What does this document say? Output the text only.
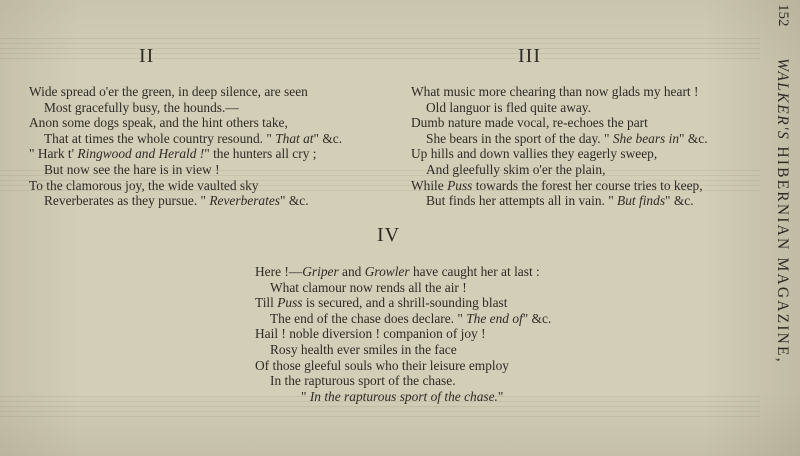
II	III
IV
Wide spread o'er the green, in deep silence, are seen
Most gracefully busy, the hounds.—
Anon some dogs speak, and the hint others take,
That at times the whole country resound. " That at" &c.
" Hark t' Ringwood and Herald !" the hunters all cry ;
But now see the hare is in view !
To the clamorous joy, the wide vaulted sky
Reverberates as they pursue. " Reverberates" &c.
What music more chearing than now glads my heart !
Old languor is fled quite away.
Dumb nature made vocal, re-echoes the part
She bears in the sport of the day. " She bears in" &c.
Up hills and down vallies they eagerly sweep,
And gleefully skim o'er the plain,
While Puss towards the forest her course tries to keep,
But finds her attempts all in vain. " But finds" &c.
Here !—Griper and Growler have caught her at last :
What clamour now rends all the air !
Till Puss is secured, and a shrill-sounding blast
The end of the chase does declare. " The end of" &c.
Hail ! noble diversion ! companion of joy !
Rosy health ever smiles in the face
Of those gleeful souls who their leisure employ
In the rapturous sport of the chase.
" In the rapturous sport of the chase."
152
WALKER'S HIBERNIAN MAGAZINE,
